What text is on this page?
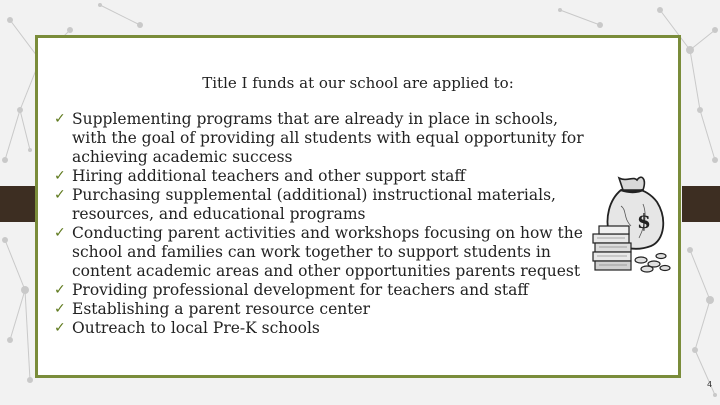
Title I funds at our school are applied to:
✓ Supplementing programs that are already in place in schools, with the goal of providing all students with equal opportunity for achieving academic success
✓ Hiring additional teachers and other support staff
✓ Purchasing supplemental (additional) instructional materials, resources, and educational programs
✓ Conducting parent activities and workshops focusing on how the school and families can work together to support students in content academic areas and other opportunities parents request
✓ Providing professional development for teachers and staff
✓ Establishing a parent resource center
✓ Outreach to local Pre-K schools
$
4
